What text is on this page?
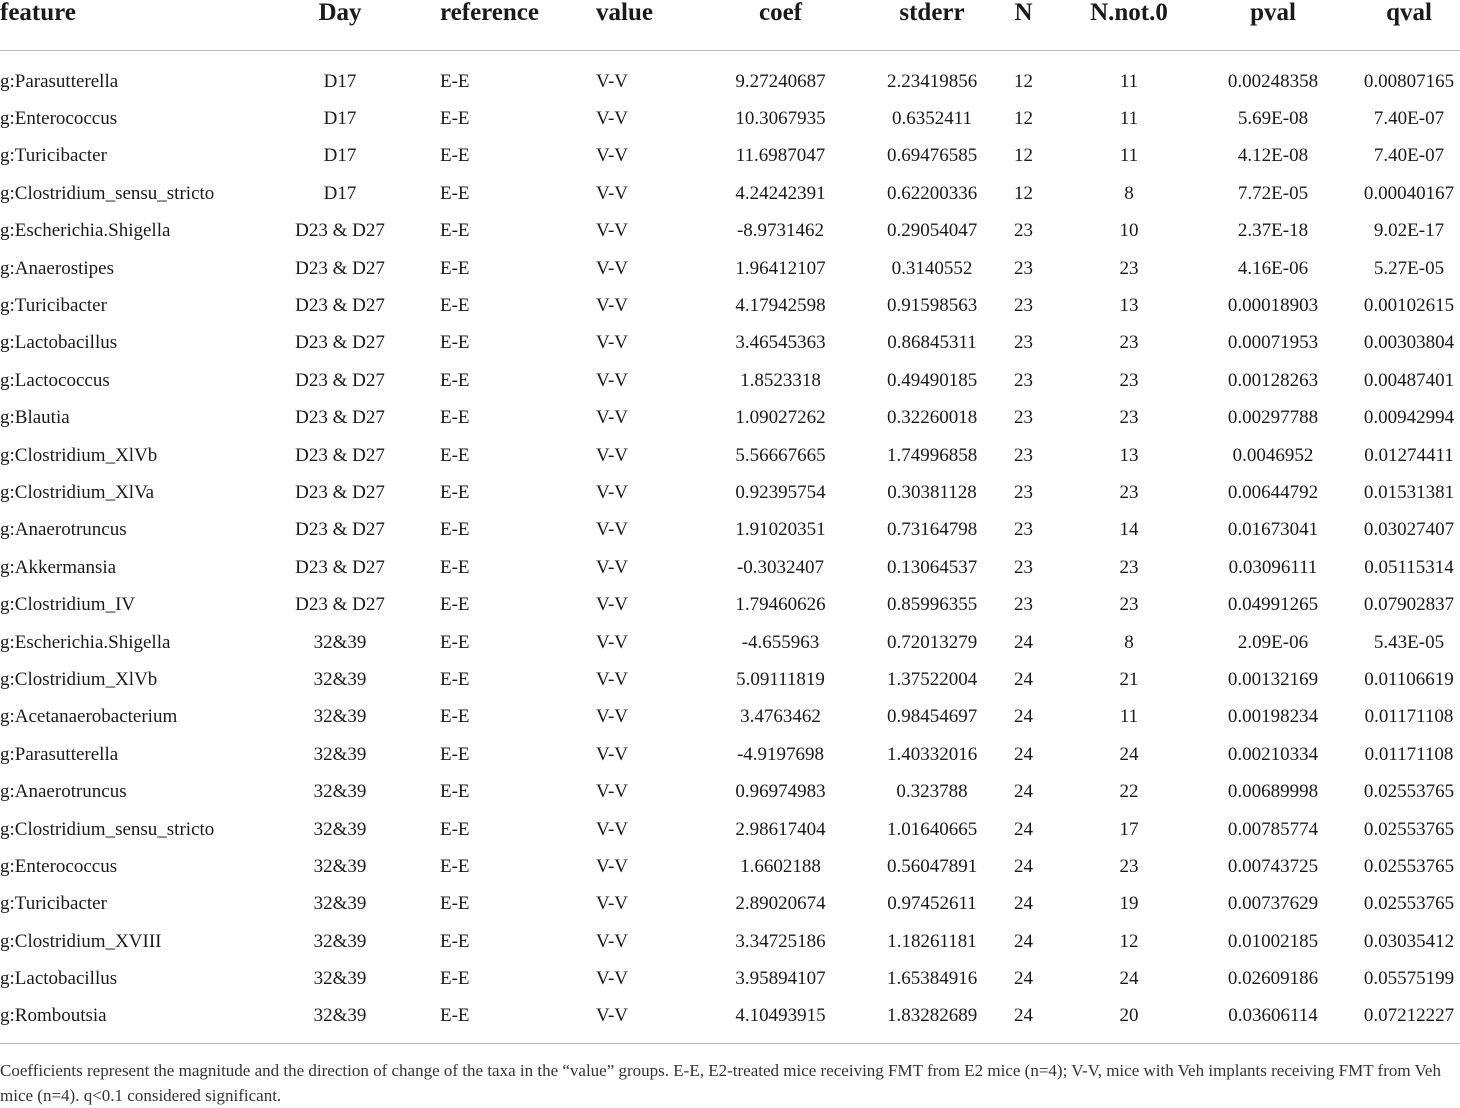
feature	Day	reference	value	coef	stderr	N	N.not.0	pval	qval
g:Parasutterella	D17	E-E	V-V	9.27240687	2.23419856	12	11	0.00248358	0.00807165
g:Enterococcus	D17	E-E	V-V	10.3067935	0.6352411	12	11	5.69E-08	7.40E-07
g:Turicibacter	D17	E-E	V-V	11.6987047	0.69476585	12	11	4.12E-08	7.40E-07
g:Clostridium_sensu_stricto	D17	E-E	V-V	4.24242391	0.62200336	12	8	7.72E-05	0.00040167
g:Escherichia.Shigella	D23 & D27	E-E	V-V	-8.9731462	0.29054047	23	10	2.37E-18	9.02E-17
g:Anaerostipes	D23 & D27	E-E	V-V	1.96412107	0.3140552	23	23	4.16E-06	5.27E-05
g:Turicibacter	D23 & D27	E-E	V-V	4.17942598	0.91598563	23	13	0.00018903	0.00102615
g:Lactobacillus	D23 & D27	E-E	V-V	3.46545363	0.86845311	23	23	0.00071953	0.00303804
g:Lactococcus	D23 & D27	E-E	V-V	1.8523318	0.49490185	23	23	0.00128263	0.00487401
g:Blautia	D23 & D27	E-E	V-V	1.09027262	0.32260018	23	23	0.00297788	0.00942994
g:Clostridium_XlVb	D23 & D27	E-E	V-V	5.56667665	1.74996858	23	13	0.0046952	0.01274411
g:Clostridium_XlVa	D23 & D27	E-E	V-V	0.92395754	0.30381128	23	23	0.00644792	0.01531381
g:Anaerotruncus	D23 & D27	E-E	V-V	1.91020351	0.73164798	23	14	0.01673041	0.03027407
g:Akkermansia	D23 & D27	E-E	V-V	-0.3032407	0.13064537	23	23	0.03096111	0.05115314
g:Clostridium_IV	D23 & D27	E-E	V-V	1.79460626	0.85996355	23	23	0.04991265	0.07902837
g:Escherichia.Shigella	32&39	E-E	V-V	-4.655963	0.72013279	24	8	2.09E-06	5.43E-05
g:Clostridium_XlVb	32&39	E-E	V-V	5.09111819	1.37522004	24	21	0.00132169	0.01106619
g:Acetanaerobacterium	32&39	E-E	V-V	3.4763462	0.98454697	24	11	0.00198234	0.01171108
g:Parasutterella	32&39	E-E	V-V	-4.9197698	1.40332016	24	24	0.00210334	0.01171108
g:Anaerotruncus	32&39	E-E	V-V	0.96974983	0.323788	24	22	0.00689998	0.02553765
g:Clostridium_sensu_stricto	32&39	E-E	V-V	2.98617404	1.01640665	24	17	0.00785774	0.02553765
g:Enterococcus	32&39	E-E	V-V	1.6602188	0.56047891	24	23	0.00743725	0.02553765
g:Turicibacter	32&39	E-E	V-V	2.89020674	0.97452611	24	19	0.00737629	0.02553765
g:Clostridium_XVIII	32&39	E-E	V-V	3.34725186	1.18261181	24	12	0.01002185	0.03035412
g:Lactobacillus	32&39	E-E	V-V	3.95894107	1.65384916	24	24	0.02609186	0.05575199
g:Romboutsia	32&39	E-E	V-V	4.10493915	1.83282689	24	20	0.03606114	0.07212227

Coefficients represent the magnitude and the direction of change of the taxa in the “value” groups. E-E, E2-treated mice receiving FMT from E2 mice (n=4); V-V, mice with Veh implants receiving FMT from Veh mice (n=4). q<0.1 considered significant.
